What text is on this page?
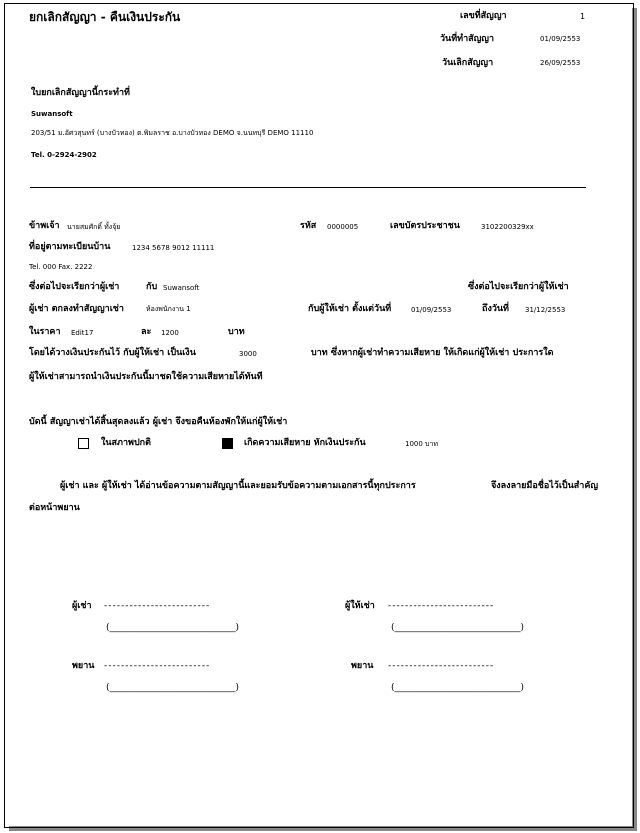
ยกเลิกสัญญา - คืนเงินประกัน	เลขที่สัญญา	1
วันที่ทำสัญญา	01/09/2553
วันเลิกสัญญา	26/09/2553
ใบยกเลิกสัญญานี้กระทำที่
Suwansoft
203/51 ม.อัศวสุนทร์ (บางบัวทอง) ต.พิมลราช อ.บางบัวทอง DEMO จ.นนทบุรี DEMO 11110
Tel. 0-2924-2902
ข้าพเจ้า นายสมศักดิ์ ทั้งจุ้ย	รหัส 0000005	เลขบัตรประชาชน	3102200329xx
ที่อยู่ตามทะเบียนบ้าน	1234 5678 9012 11111
Tel. 000 Fax. 2222
ซึ่งต่อไปจะเรียกว่าผู้เช่า	กับ Suwansoft	ซึ่งต่อไปจะเรียกว่าผู้ให้เช่า
ผู้เช่า ตกลงทำสัญญาเช่า	ห้องพนักงาน 1	กับผู้ให้เช่า ตั้งแต่วันที่	01/09/2553	ถึงวันที่ 31/12/2553
ในราคา Edit17	ละ 1200	บาท
โดยได้วางเงินประกันไว้ กับผู้ให้เช่า เป็นเงิน	3000	บาท ซึ่งหากผู้เช่าทำความเสียหาย ให้เกิดแก่ผู้ให้เช่า ประการใด
ผู้ให้เช่าสามารถนำเงินประกันนี้มาชดใช้ความเสียหายได้ทันที
บัดนี้ สัญญาเช่าได้สิ้นสุดลงแล้ว ผู้เช่า จึงขอคืนห้องพักให้แก่ผู้ให้เช่า
ในสภาพปกติ	เกิดความเสียหาย หักเงินประกัน	1000 บาท
ผู้เช่า และ ผู้ให้เช่า ได้อ่านข้อความตามสัญญานี้และยอมรับข้อความตามเอกสารนี้ทุกประการ	จึงลงลายมือชื่อไว้เป็นสำคัญ
ต่อหน้าพยาน
ผู้เช่า -------------------------
(____________________________)
ผู้ให้เช่า -------------------------
(____________________________)
พยาน -------------------------
(____________________________)
พยาน -------------------------
(____________________________)
